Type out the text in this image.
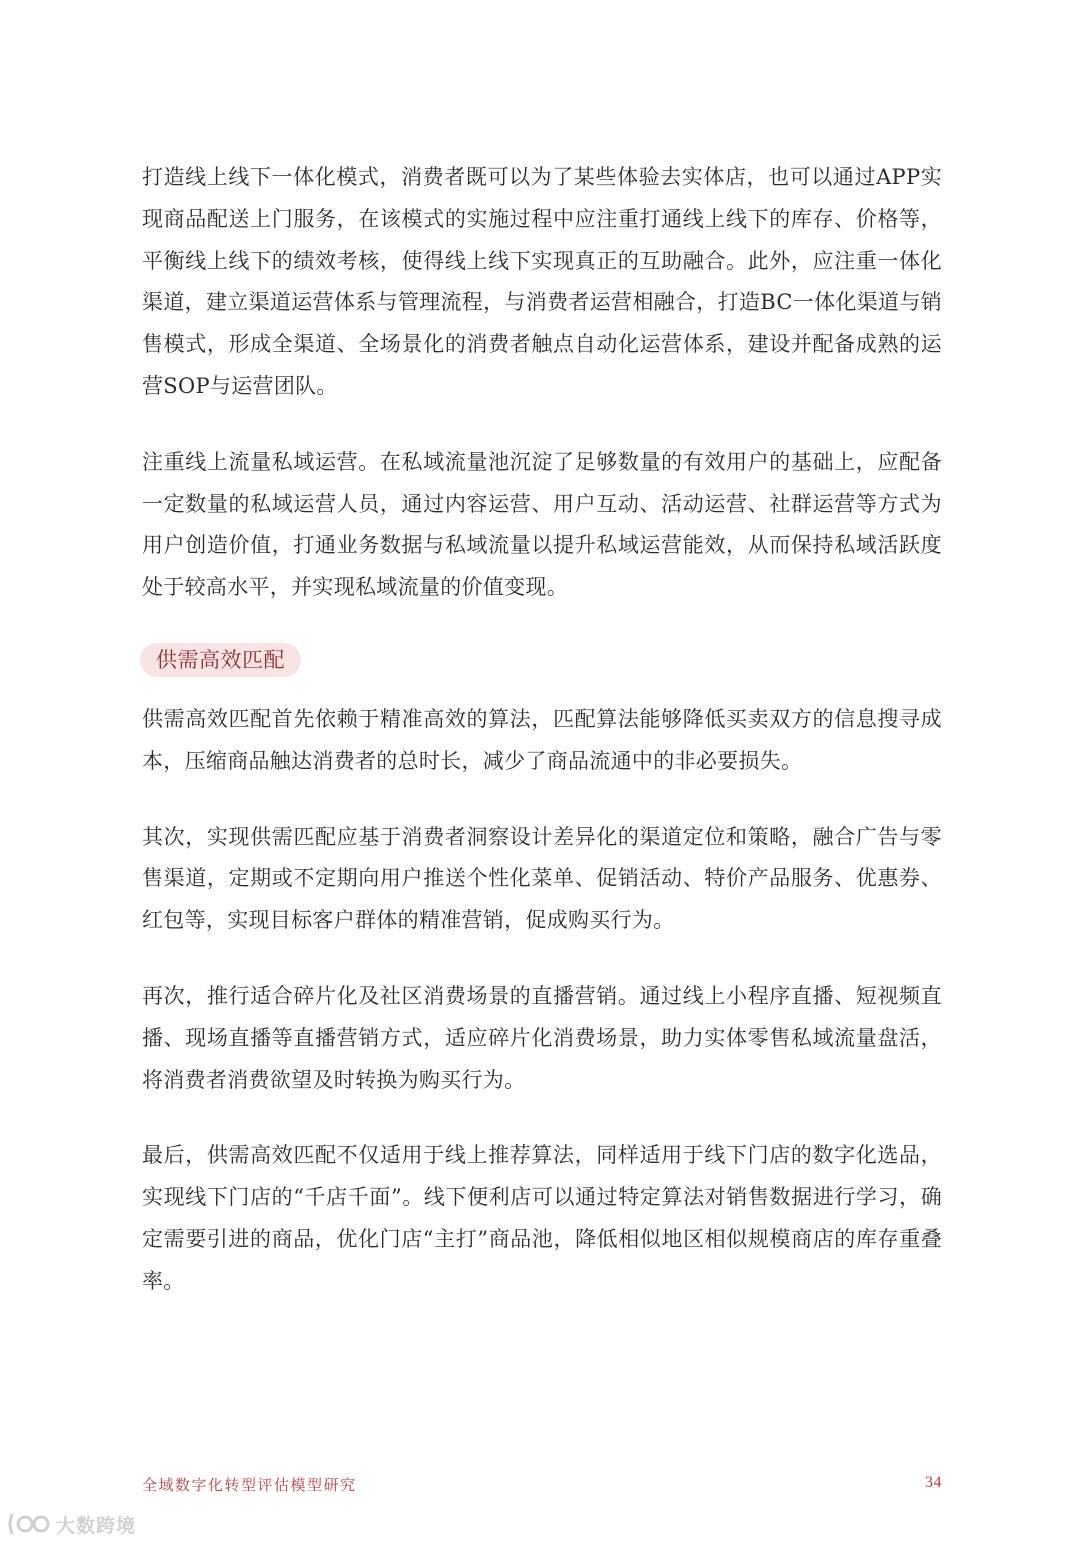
打造线上线下一体化模式，消费者既可以为了某些体验去实体店，也可以通过APP实现商品配送上门服务，在该模式的实施过程中应注重打通线上线下的库存、价格等，平衡线上线下的绩效考核，使得线上线下实现真正的互助融合。此外，应注重一体化渠道，建立渠道运营体系与管理流程，与消费者运营相融合，打造BC一体化渠道与销售模式，形成全渠道、全场景化的消费者触点自动化运营体系，建设并配备成熟的运营SOP与运营团队。

注重线上流量私域运营。在私域流量池沉淀了足够数量的有效用户的基础上，应配备一定数量的私域运营人员，通过内容运营、用户互动、活动运营、社群运营等方式为用户创造价值，打通业务数据与私域流量以提升私域运营能效，从而保持私域活跃度处于较高水平，并实现私域流量的价值变现。

供需高效匹配

供需高效匹配首先依赖于精准高效的算法，匹配算法能够降低买卖双方的信息搜寻成本，压缩商品触达消费者的总时长，减少了商品流通中的非必要损失。

其次，实现供需匹配应基于消费者洞察设计差异化的渠道定位和策略，融合广告与零售渠道，定期或不定期向用户推送个性化菜单、促销活动、特价产品服务、优惠券、红包等，实现目标客户群体的精准营销，促成购买行为。

再次，推行适合碎片化及社区消费场景的直播营销。通过线上小程序直播、短视频直播、现场直播等直播营销方式，适应碎片化消费场景，助力实体零售私域流量盘活，将消费者消费欲望及时转换为购买行为。

最后，供需高效匹配不仅适用于线上推荐算法，同样适用于线下门店的数字化选品，实现线下门店的“千店千面”。线下便利店可以通过特定算法对销售数据进行学习，确定需要引进的商品，优化门店“主打”商品池，降低相似地区相似规模商店的库存重叠率。

全域数字化转型评估模型研究	34
大数跨境
